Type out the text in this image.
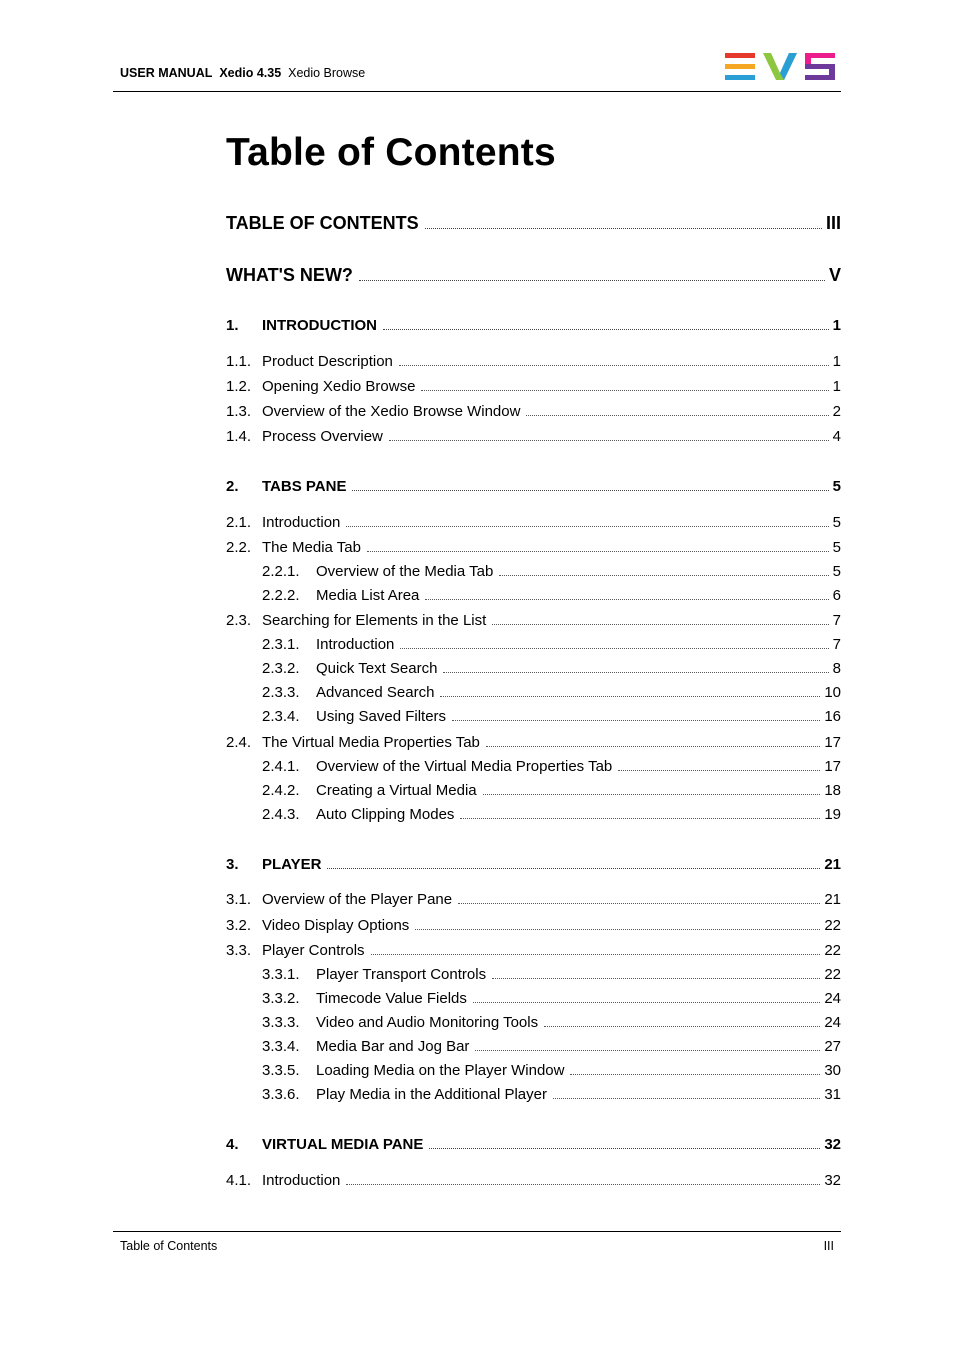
USER MANUAL Xedio 4.35 Xedio Browse
Table of Contents
TABLE OF CONTENTS	III
WHAT'S NEW?	V
1.	INTRODUCTION	1
1.1. Product Description	1
1.2. Opening Xedio Browse	1
1.3. Overview of the Xedio Browse Window	2
1.4. Process Overview	4
2.	TABS PANE	5
2.1. Introduction	5
2.2. The Media Tab	5
2.2.1.	Overview of the Media Tab	5
2.2.2.	Media List Area	6
2.3. Searching for Elements in the List	7
2.3.1.	Introduction	7
2.3.2.	Quick Text Search	8
2.3.3.	Advanced Search	10
2.3.4.	Using Saved Filters	16
2.4. The Virtual Media Properties Tab	17
2.4.1.	Overview of the Virtual Media Properties Tab	17
2.4.2.	Creating a Virtual Media	18
2.4.3.	Auto Clipping Modes	19
3.	PLAYER	21
3.1. Overview of the Player Pane	21
3.2. Video Display Options	22
3.3. Player Controls	22
3.3.1.	Player Transport Controls	22
3.3.2.	Timecode Value Fields	24
3.3.3.	Video and Audio Monitoring Tools	24
3.3.4.	Media Bar and Jog Bar	27
3.3.5.	Loading Media on the Player Window	30
3.3.6.	Play Media in the Additional Player	31
4.	VIRTUAL MEDIA PANE	32
4.1. Introduction	32
Table of Contents	III
